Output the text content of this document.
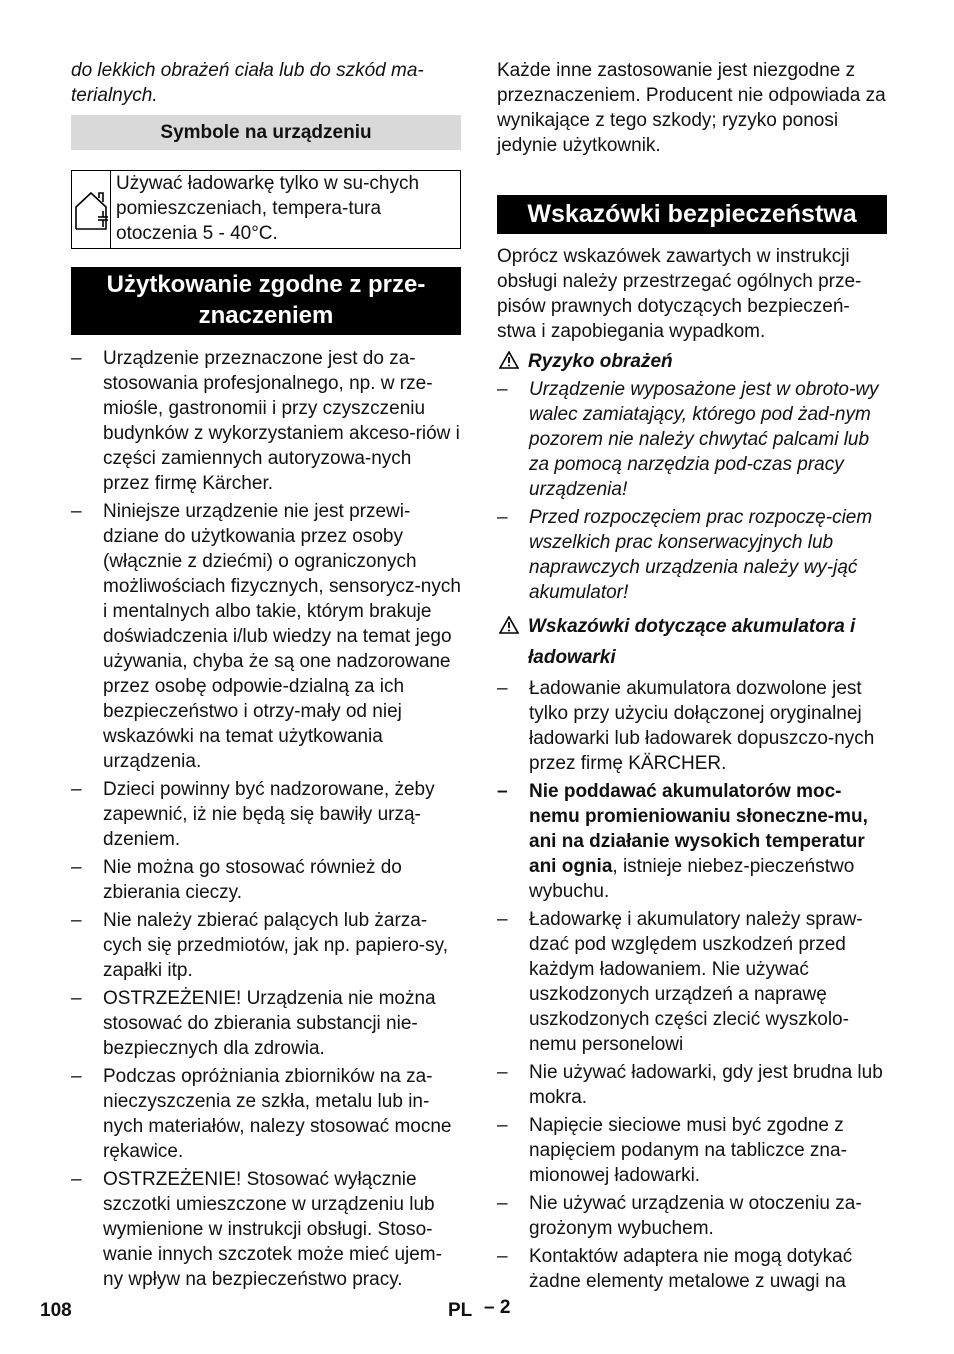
do lekkich obrażeń ciała lub do szkód ma-terialnych.

Symbole na urządzeniu
Używać ładowarkę tylko w su-chych pomieszczeniach, tempera-tura otoczenia 5 - 40°C.
Użytkowanie zgodne z prze-znaczeniem
–	Urządzenie przeznaczone jest do za-stosowania profesjonalnego, np. w rze-miośle, gastronomii i przy czyszczeniu budynków z wykorzystaniem akceso-riów i części zamiennych autoryzowa-nych przez firmę Kärcher.
–	Niniejsze urządzenie nie jest przewi-dziane do użytkowania przez osoby (włącznie z dziećmi) o ograniczonych możliwościach fizycznych, sensorycz-nych i mentalnych albo takie, którym brakuje doświadczenia i/lub wiedzy na temat jego używania, chyba że są one nadzorowane przez osobę odpowie-dzialną za ich bezpieczeństwo i otrzy-mały od niej wskazówki na temat użytkowania urządzenia.
–	Dzieci powinny być nadzorowane, żeby zapewnić, iż nie będą się bawiły urzą-dzeniem.
–	Nie można go stosować również do zbierania cieczy.
–	Nie należy zbierać palących lub żarza-cych się przedmiotów, jak np. papiero-sy, zapałki itp.
–	OSTRZEŻENIE! Urządzenia nie można stosować do zbierania substancji nie-bezpiecznych dla zdrowia.
–	Podczas opróżniania zbiorników na za-nieczyszczenia ze szkła, metalu lub in-nych materiałów, nalezy stosować mocne rękawice.
–	OSTRZEŻENIE! Stosować wyłącznie szczotki umieszczone w urządzeniu lub wymienione w instrukcji obsługi. Stoso-wanie innych szczotek może mieć ujem-ny wpływ na bezpieczeństwo pracy.

Każde inne zastosowanie jest niezgodne z przeznaczeniem. Producent nie odpowiada za wynikające z tego szkody; ryzyko ponosi jedynie użytkownik.

Wskazówki bezpieczeństwa

Oprócz wskazówek zawartych w instrukcji obsługi należy przestrzegać ogólnych prze-pisów prawnych dotyczących bezpieczeń-stwa i zapobiegania wypadkom.

Ryzyko obrażeń
–	Urządzenie wyposażone jest w obroto-wy walec zamiatający, którego pod żad-nym pozorem nie należy chwytać palcami lub za pomocą narzędzia pod-czas pracy urządzenia!
–	Przed rozpoczęciem prac rozpoczę-ciem wszelkich prac konserwacyjnych lub naprawczych urządzenia należy wy-jąć akumulator!
Wskazówki dotyczące akumulatora i ładowarki
–	Ładowanie akumulatora dozwolone jest tylko przy użyciu dołączonej oryginalnej ładowarki lub ładowarek dopuszczo-nych przez firmę KÄRCHER.
–	Nie poddawać akumulatorów moc-nemu promieniowaniu słoneczne-mu, ani na działanie wysokich temperatur ani ognia, istnieje niebez-pieczeństwo wybuchu.
–	Ładowarkę i akumulatory należy spraw-dzać pod względem uszkodzeń przed każdym ładowaniem. Nie używać uszkodzonych urządzeń a naprawę uszkodzonych części zlecić wyszkolo-nemu personelowi
–	Nie używać ładowarki, gdy jest brudna lub mokra.
–	Napięcie sieciowe musi być zgodne z napięciem podanym na tabliczce zna-mionowej ładowarki.
–	Nie używać urządzenia w otoczeniu za-grożonym wybuchem.
–	Kontaktów adaptera nie mogą dotykać żadne elementy metalowe z uwagi na
108	PL – 2
